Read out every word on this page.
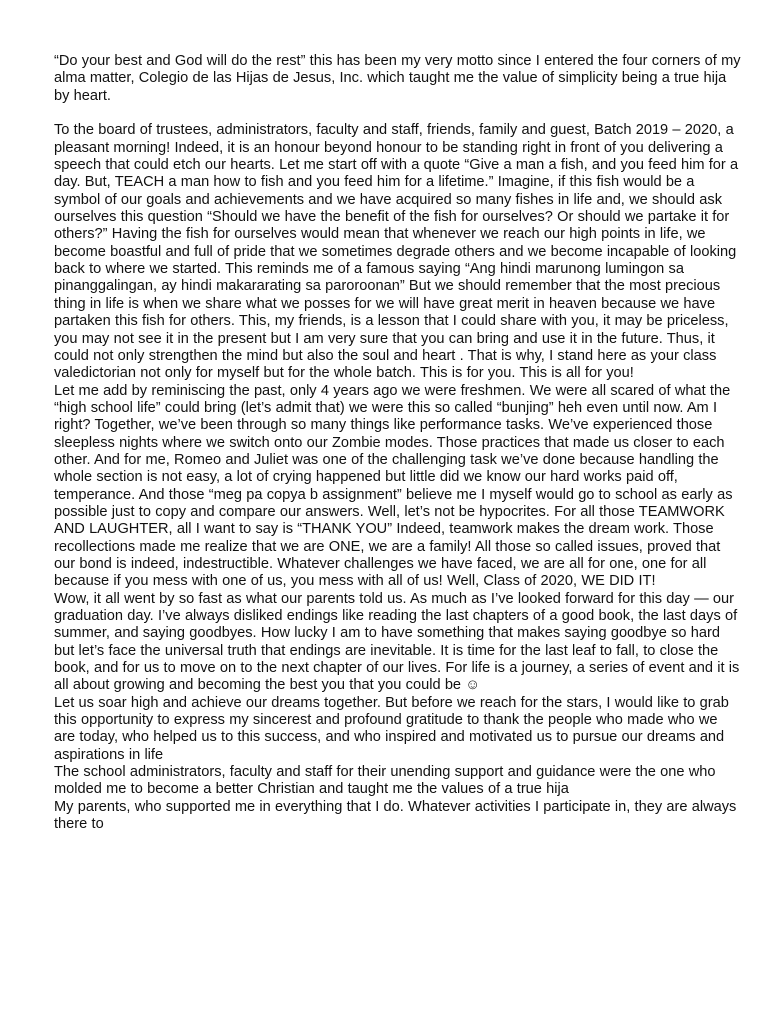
“Do your best and God will do the rest” this has been my very motto since I entered the four corners of my alma matter, Colegio de las Hijas de Jesus, Inc. which taught me the value of simplicity being a true hija by heart.

To the board of trustees, administrators, faculty and staff, friends, family and guest, Batch 2019 – 2020, a pleasant morning! Indeed, it is an honour beyond honour to be standing right in front of you delivering a speech that could etch our hearts. Let me start off with a quote “Give a man a fish, and you feed him for a day. But, TEACH a man how to fish and you feed him for a lifetime.” Imagine, if this fish would be a symbol of our goals and achievements and we have acquired so many fishes in life and, we should ask ourselves this question “Should we have the benefit of the fish for ourselves? Or should we partake it for others?” Having the fish for ourselves would mean that whenever we reach our high points in life, we become boastful and full of pride that we sometimes degrade others and we become incapable of looking back to where we started. This reminds me of a famous saying “Ang hindi marunong lumingon sa pinanggalingan, ay hindi makararating sa paroroonan” But we should remember that the most precious thing in life is when we share what we posses for we will have great merit in heaven because we have partaken this fish for others. This, my friends, is a lesson that I could share with you, it may be priceless, you may not see it in the present but I am very sure that you can bring and use it in the future. Thus, it could not only strengthen the mind but also the soul and heart . That is why, I stand here as your class valedictorian not only for myself but for the whole batch. This is for you. This is all for you!

Let me add by reminiscing the past, only 4 years ago we were freshmen. We were all scared of what the “high school life” could bring (let’s admit that) we were this so called “bunjing” heh even until now. Am I right? Together, we’ve been through so many things like performance tasks. We’ve experienced those sleepless nights where we switch onto our Zombie modes. Those practices that made us closer to each other. And for me, Romeo and Juliet was one of the challenging task we’ve done because handling the whole section is not easy, a lot of crying happened but little did we know our hard works paid off, temperance. And those “meg pa copya b assignment” believe me I myself would go to school as early as possible just to copy and compare our answers. Well, let’s not be hypocrites. For all those TEAMWORK AND LAUGHTER, all I want to say is “THANK YOU” Indeed, teamwork makes the dream work. Those recollections made me realize that we are ONE, we are a family! All those so called issues, proved that our bond is indeed, indestructible. Whatever challenges we have faced, we are all for one, one for all because if you mess with one of us, you mess with all of us! Well, Class of 2020, WE DID IT!

Wow, it all went by so fast as what our parents told us. As much as I’ve looked forward for this day — our graduation day. I’ve always disliked endings like reading the last chapters of a good book, the last days of summer, and saying goodbyes. How lucky I am to have something that makes saying goodbye so hard but let’s face the universal truth that endings are inevitable. It is time for the last leaf to fall, to close the book, and for us to move on to the next chapter of our lives. For life is a journey, a series of event and it is all about growing and becoming the best you that you could be ☺

Let us soar high and achieve our dreams together. But before we reach for the stars, I would like to grab this opportunity to express my sincerest and profound gratitude to thank the people who made who we are today, who helped us to this success, and who inspired and motivated us to pursue our dreams and aspirations in life

The school administrators, faculty and staff for their unending support and guidance were the one who molded me to become a better Christian and taught me the values of a true hija

My parents, who supported me in everything that I do. Whatever activities I participate in, they are always there to
